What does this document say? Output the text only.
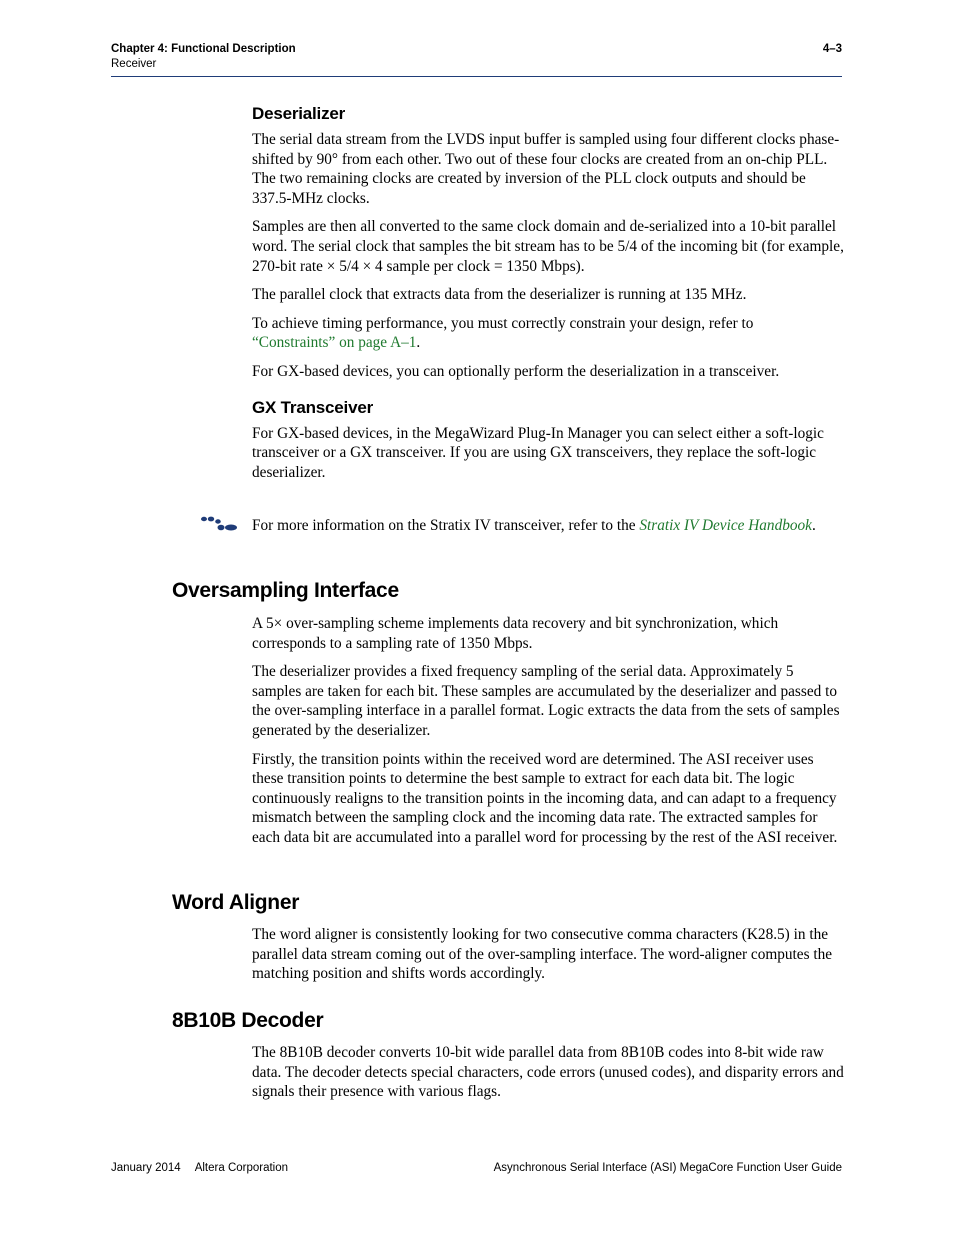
Chapter 4: Functional Description
Receiver
4–3
Deserializer

The serial data stream from the LVDS input buffer is sampled using four different clocks phase-shifted by 90° from each other. Two out of these four clocks are created from an on-chip PLL. The two remaining clocks are created by inversion of the PLL clock outputs and should be 337.5-MHz clocks.

Samples are then all converted to the same clock domain and de-serialized into a 10-bit parallel word. The serial clock that samples the bit stream has to be 5/4 of the incoming bit (for example, 270-bit rate × 5/4 × 4 sample per clock = 1350 Mbps).

The parallel clock that extracts data from the deserializer is running at 135 MHz.

To achieve timing performance, you must correctly constrain your design, refer to
“Constraints” on page A–1.

For GX-based devices, you can optionally perform the deserialization in a transceiver.

GX Transceiver

For GX-based devices, in the MegaWizard Plug-In Manager you can select either a soft-logic transceiver or a GX transceiver. If you are using GX transceivers, they replace the soft-logic deserializer.

For more information on the Stratix IV transceiver, refer to the Stratix IV Device Handbook.

Oversampling Interface

A 5× over-sampling scheme implements data recovery and bit synchronization, which corresponds to a sampling rate of 1350 Mbps.

The deserializer provides a fixed frequency sampling of the serial data. Approximately 5 samples are taken for each bit. These samples are accumulated by the deserializer and passed to the over-sampling interface in a parallel format. Logic extracts the data from the sets of samples generated by the deserializer.

Firstly, the transition points within the received word are determined. The ASI receiver uses these transition points to determine the best sample to extract for each data bit. The logic continuously realigns to the transition points in the incoming data, and can adapt to a frequency mismatch between the sampling clock and the incoming data rate. The extracted samples for each data bit are accumulated into a parallel word for processing by the rest of the ASI receiver.

Word Aligner

The word aligner is consistently looking for two consecutive comma characters (K28.5) in the parallel data stream coming out of the over-sampling interface. The word-aligner computes the matching position and shifts words accordingly.

8B10B Decoder

The 8B10B decoder converts 10-bit wide parallel data from 8B10B codes into 8-bit wide raw data. The decoder detects special characters, code errors (unused codes), and disparity errors and signals their presence with various flags.

January 2014 Altera Corporation	Asynchronous Serial Interface (ASI) MegaCore Function User Guide
